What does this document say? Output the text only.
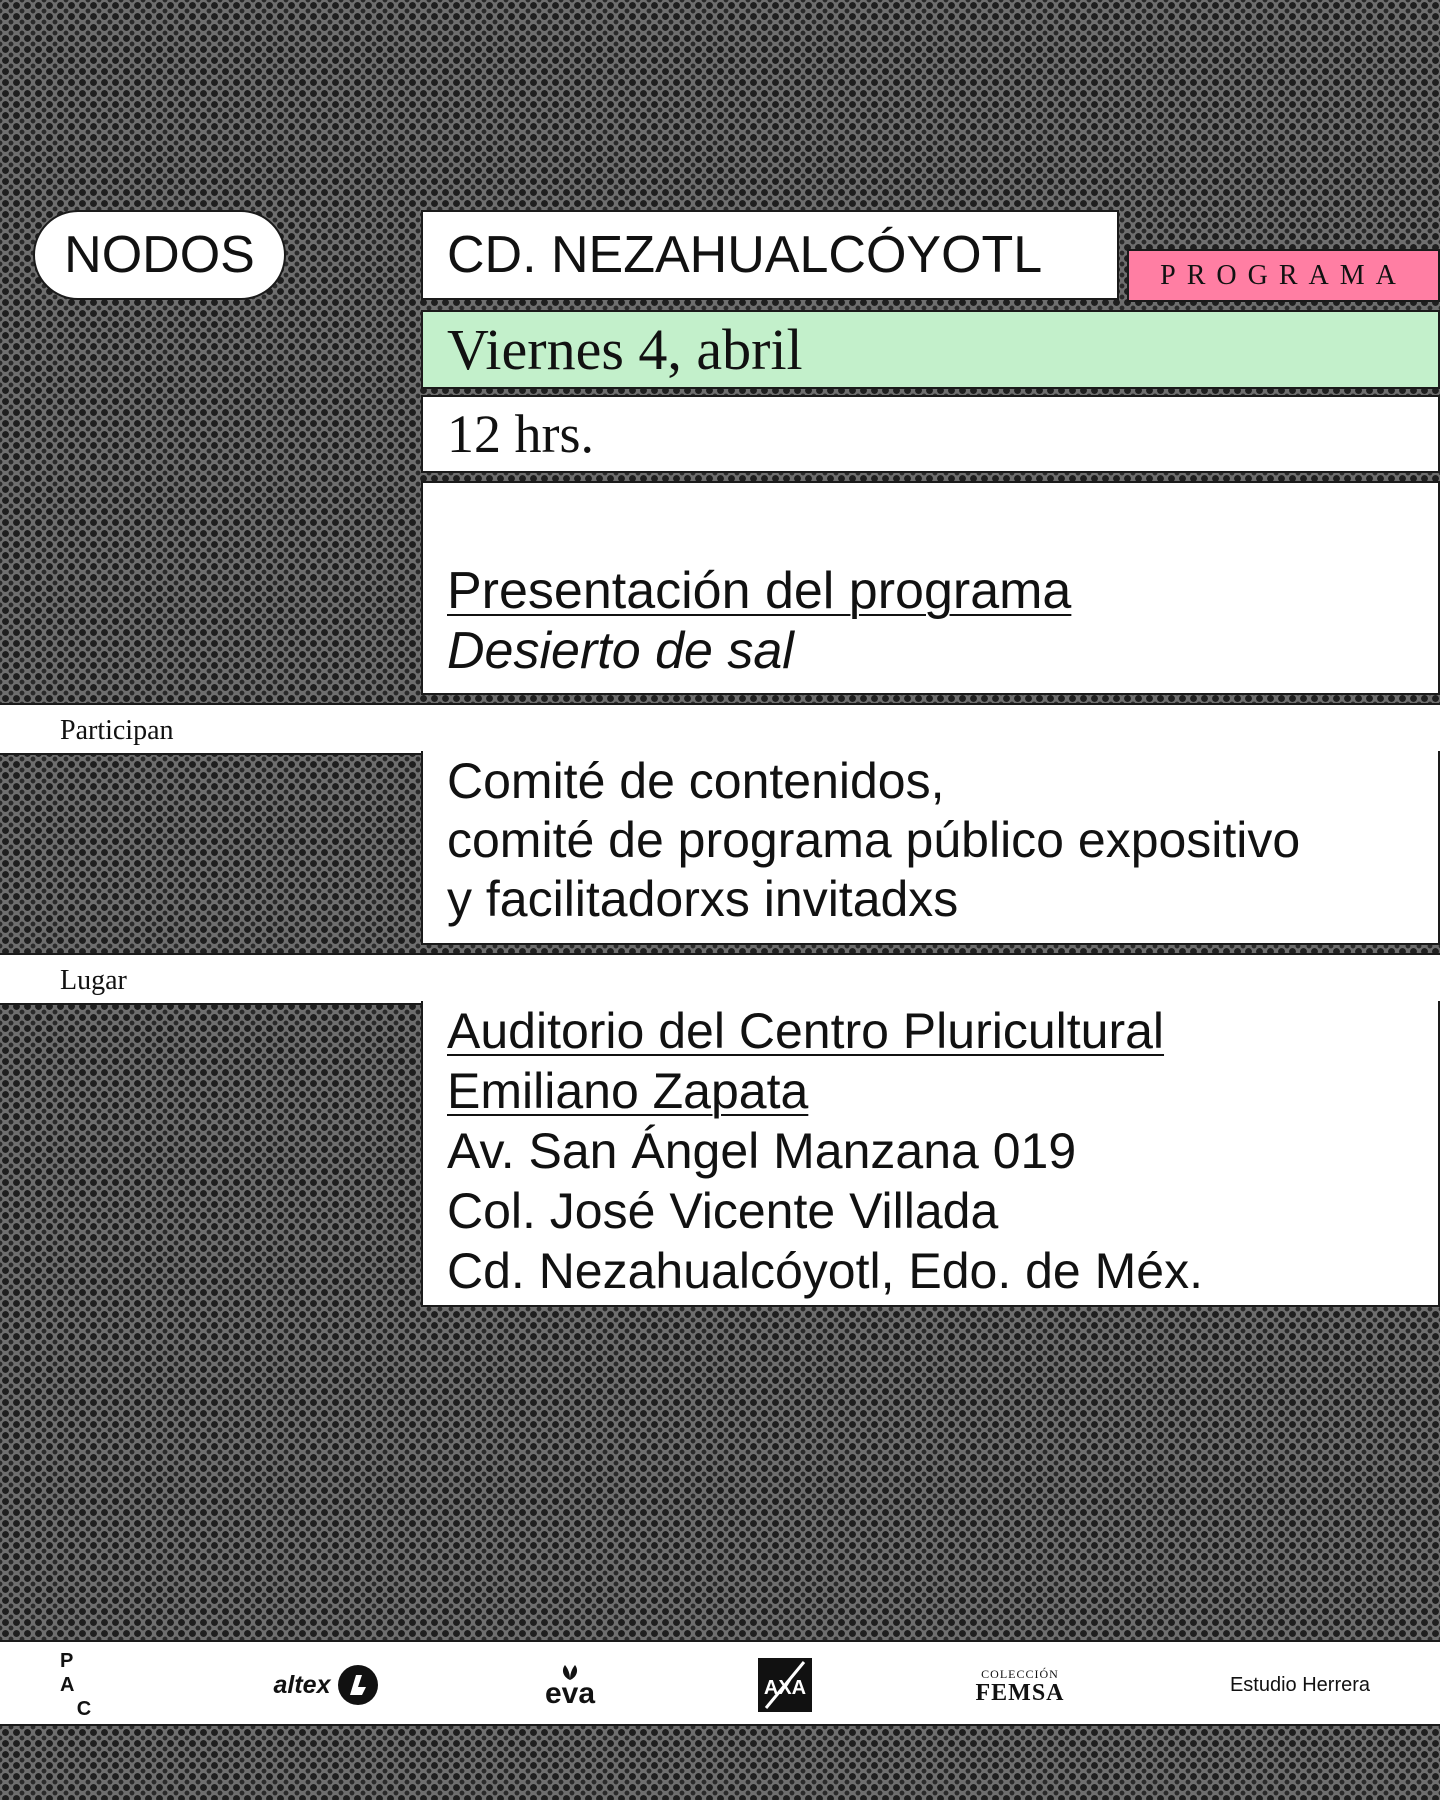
NODOS	CD. NEZAHUALCÓYOTL	PROGRAMA
Viernes 4, abril
12 hrs.
Presentación del programa
Desierto de sal
Participan
Comité de contenidos,
comité de programa público expositivo
y facilitadorxs invitadxs
Lugar
Auditorio del Centro Pluricultural
Emiliano Zapata
Av. San Ángel Manzana 019
Col. José Vicente Villada
Cd. Nezahualcóyotl, Edo. de Méx.
P A
C
altex	eva	AXA
COLECCIÓN
FEMSA	Estudio Herrera
